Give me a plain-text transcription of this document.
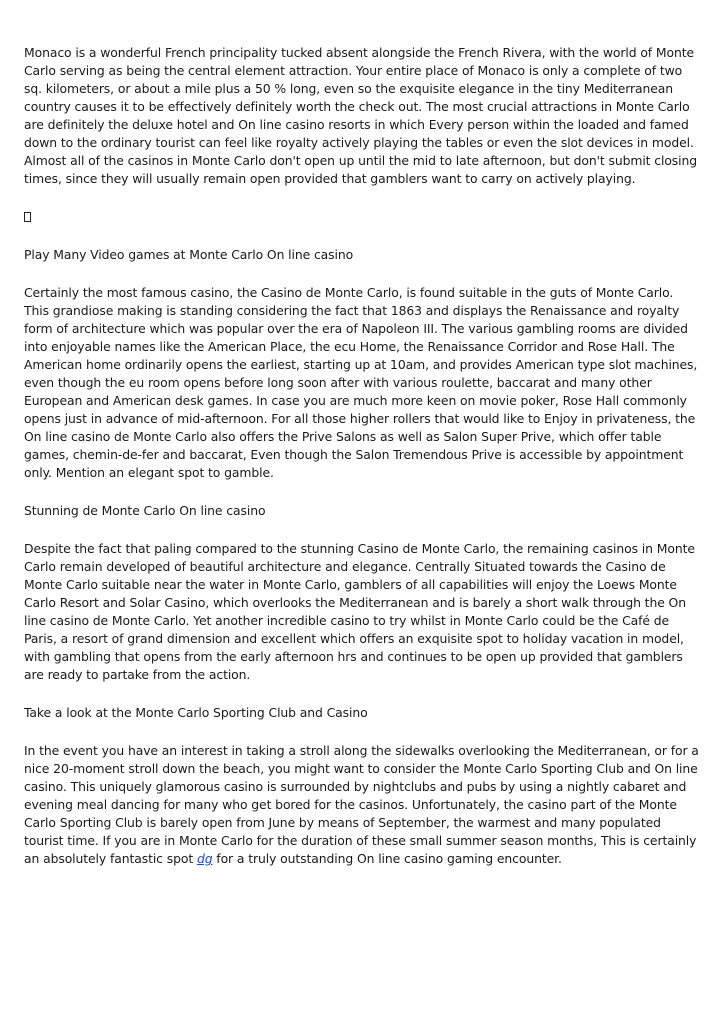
Monaco is a wonderful French principality tucked absent alongside the French Rivera, with the world of Monte Carlo serving as being the central element attraction. Your entire place of Monaco is only a complete of two sq. kilometers, or about a mile plus a 50 % long, even so the exquisite elegance in the tiny Mediterranean country causes it to be effectively definitely worth the check out. The most crucial attractions in Monte Carlo are definitely the deluxe hotel and On line casino resorts in which Every person within the loaded and famed down to the ordinary tourist can feel like royalty actively playing the tables or even the slot devices in model. Almost all of the casinos in Monte Carlo don't open up until the mid to late afternoon, but don't submit closing times, since they will usually remain open provided that gamblers want to carry on actively playing.

Play Many Video games at Monte Carlo On line casino

Certainly the most famous casino, the Casino de Monte Carlo, is found suitable in the guts of Monte Carlo. This grandiose making is standing considering the fact that 1863 and displays the Renaissance and royalty form of architecture which was popular over the era of Napoleon III. The various gambling rooms are divided into enjoyable names like the American Place, the ecu Home, the Renaissance Corridor and Rose Hall. The American home ordinarily opens the earliest, starting up at 10am, and provides American type slot machines, even though the eu room opens before long soon after with various roulette, baccarat and many other European and American desk games. In case you are much more keen on movie poker, Rose Hall commonly opens just in advance of mid-afternoon. For all those higher rollers that would like to Enjoy in privateness, the On line casino de Monte Carlo also offers the Prive Salons as well as Salon Super Prive, which offer table games, chemin-de-fer and baccarat, Even though the Salon Tremendous Prive is accessible by appointment only. Mention an elegant spot to gamble.

Stunning de Monte Carlo On line casino

Despite the fact that paling compared to the stunning Casino de Monte Carlo, the remaining casinos in Monte Carlo remain developed of beautiful architecture and elegance. Centrally Situated towards the Casino de Monte Carlo suitable near the water in Monte Carlo, gamblers of all capabilities will enjoy the Loews Monte Carlo Resort and Solar Casino, which overlooks the Mediterranean and is barely a short walk through the On line casino de Monte Carlo. Yet another incredible casino to try whilst in Monte Carlo could be the Café de Paris, a resort of grand dimension and excellent which offers an exquisite spot to holiday vacation in model, with gambling that opens from the early afternoon hrs and continues to be open up provided that gamblers are ready to partake from the action.

Take a look at the Monte Carlo Sporting Club and Casino

In the event you have an interest in taking a stroll along the sidewalks overlooking the Mediterranean, or for a nice 20-moment stroll down the beach, you might want to consider the Monte Carlo Sporting Club and On line casino. This uniquely glamorous casino is surrounded by nightclubs and pubs by using a nightly cabaret and evening meal dancing for many who get bored for the casinos. Unfortunately, the casino part of the Monte Carlo Sporting Club is barely open from June by means of September, the warmest and many populated tourist time. If you are in Monte Carlo for the duration of these small summer season months, This is certainly an absolutely fantastic spot dg for a truly outstanding On line casino gaming encounter.
